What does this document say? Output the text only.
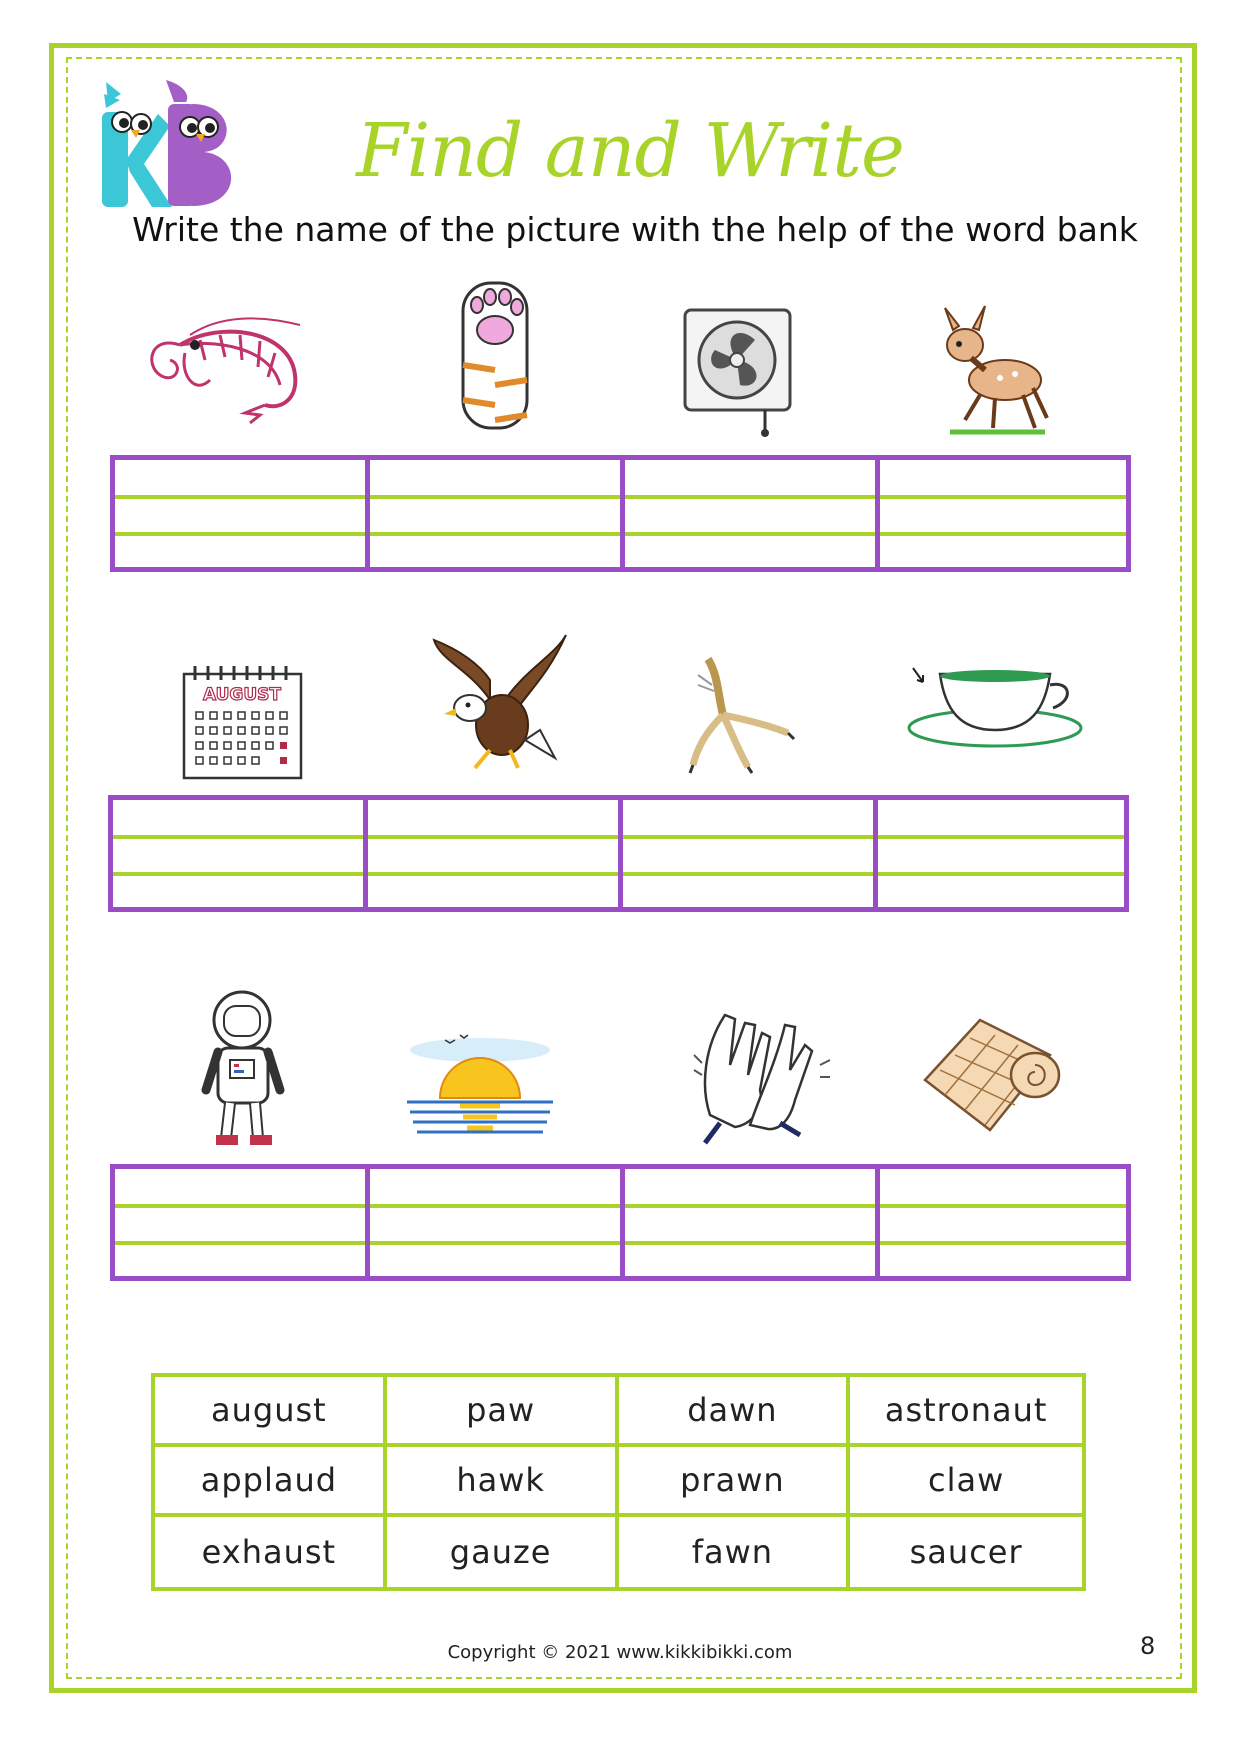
Find and Write
Write the name of the picture with the help of the word bank
AUGUST
august	paw	dawn	astronaut
applaud	hawk	prawn	claw
exhaust	gauze	fawn	saucer
Copyright © 2021 www.kikkibikki.com	8
